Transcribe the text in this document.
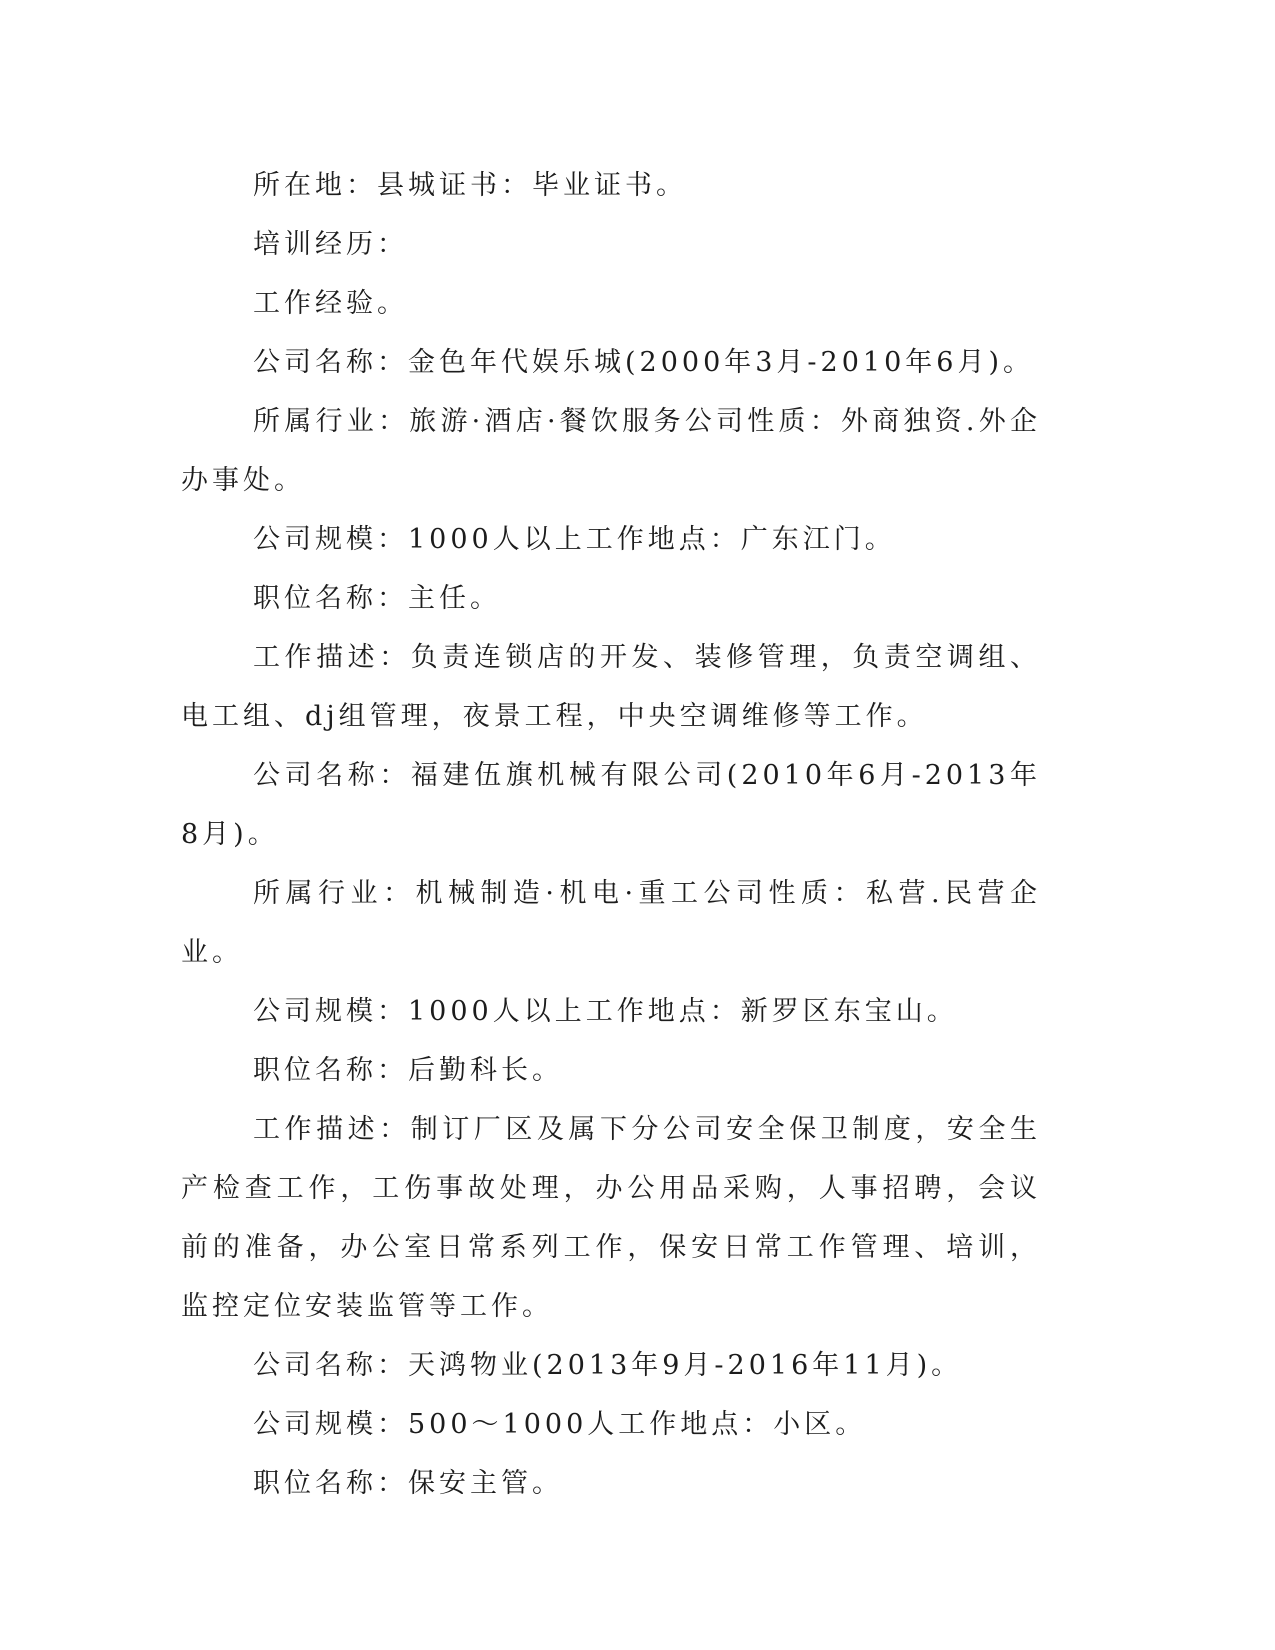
所在地：县城证书：毕业证书。

培训经历：

工作经验。

公司名称：金色年代娱乐城(2000年3月-2010年6月)。

所属行业：旅游·酒店·餐饮服务公司性质：外商独资.外企办事处。

公司规模：1000人以上工作地点：广东江门。

职位名称：主任。

工作描述：负责连锁店的开发、装修管理，负责空调组、电工组、dj组管理，夜景工程，中央空调维修等工作。

公司名称：福建伍旗机械有限公司(2010年6月-2013年8月)。

所属行业：机械制造·机电·重工公司性质：私营.民营企业。

公司规模：1000人以上工作地点：新罗区东宝山。

职位名称：后勤科长。

工作描述：制订厂区及属下分公司安全保卫制度，安全生产检查工作，工伤事故处理，办公用品采购，人事招聘，会议前的准备，办公室日常系列工作，保安日常工作管理、培训，监控定位安装监管等工作。

公司名称：天鸿物业(2013年9月-2016年11月)。

公司规模：500～1000人工作地点：小区。

职位名称：保安主管。
